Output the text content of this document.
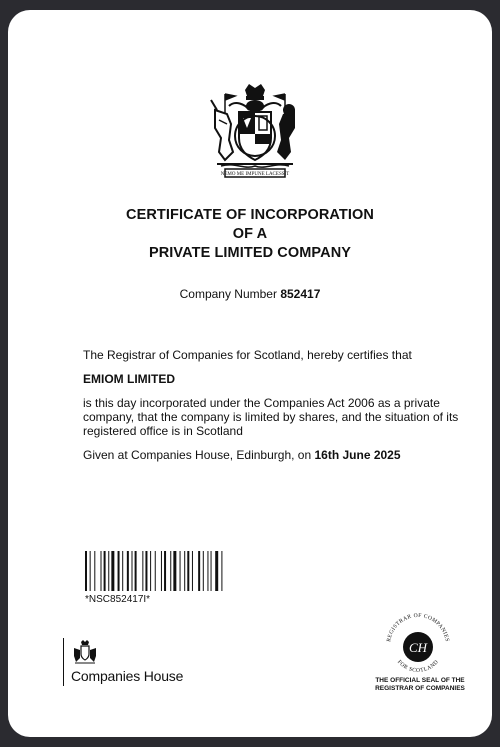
NEMO ME IMPUNE LACESSIT
CERTIFICATE OF INCORPORATION
OF A
PRIVATE LIMITED COMPANY
Company Number 852417

The Registrar of Companies for Scotland, hereby certifies that

EMIOM LIMITED

is this day incorporated under the Companies Act 2006 as a private company, that the company is limited by shares, and the situation of its registered office is in Scotland

Given at Companies House, Edinburgh, on 16th June 2025

*NSC852417I*
Companies House
REGISTRAR OF COMPANIES
FOR SCOTLAND
CH
THE OFFICIAL SEAL OF THE
REGISTRAR OF COMPANIES
